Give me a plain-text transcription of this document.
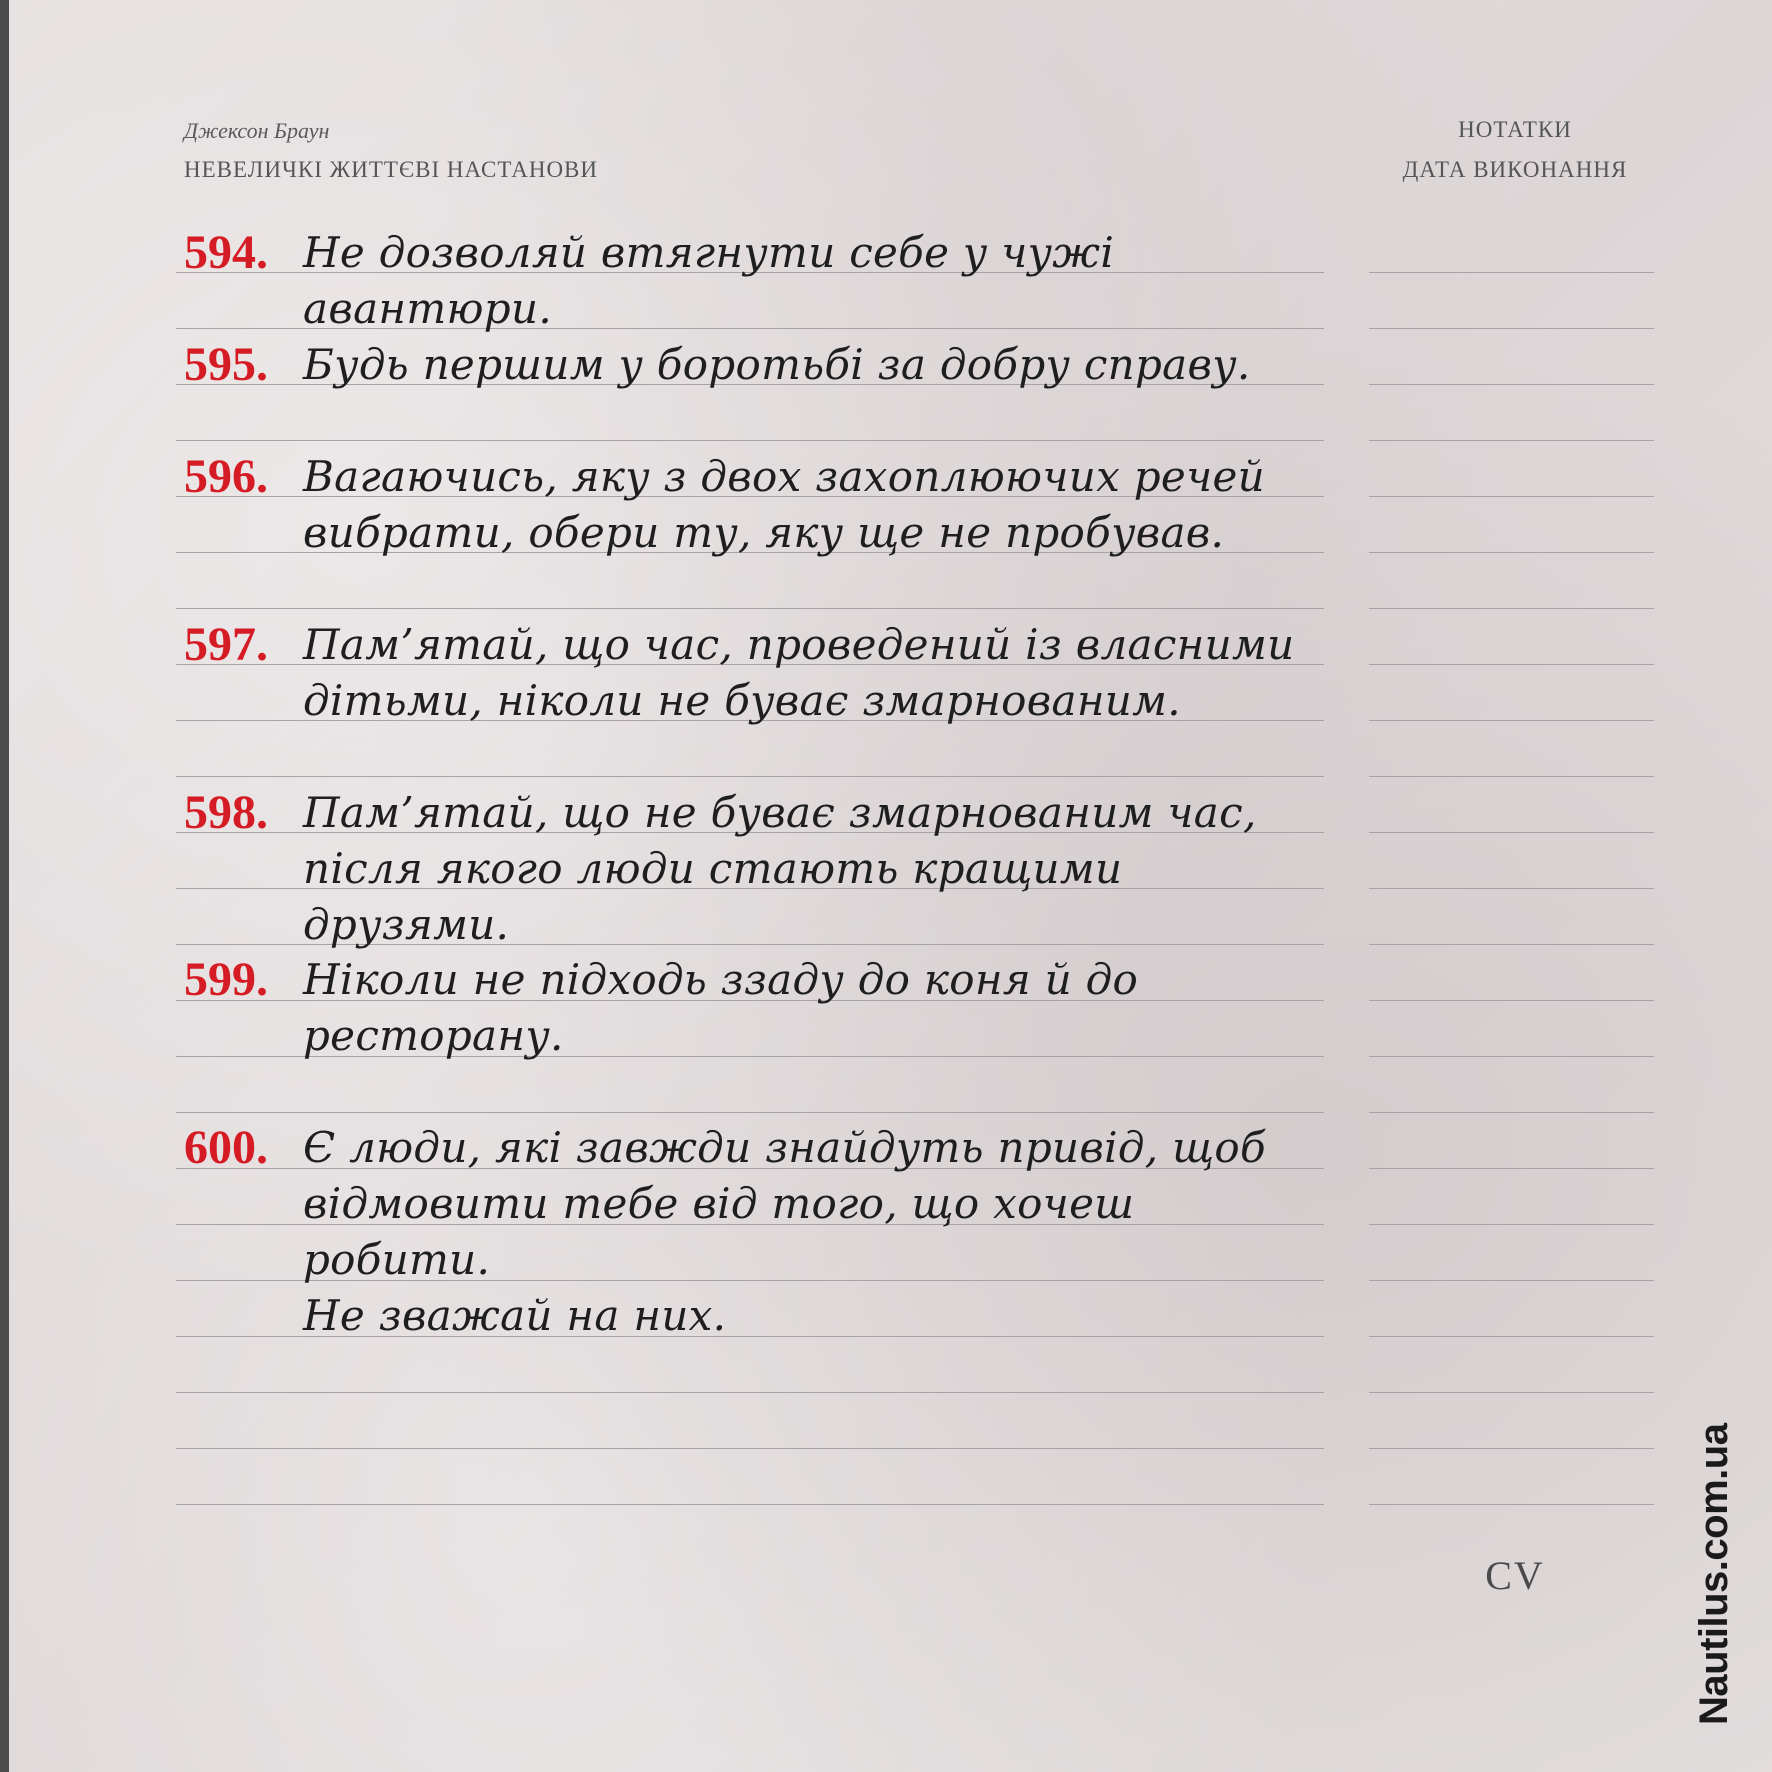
Джексон Браун
НЕВЕЛИЧКІ ЖИТТЄВІ НАСТАНОВИ
НОТАТКИ
ДАТА ВИКОНАННЯ
594. Не дозволяй втягнути себе у чужі авантюри.
595. Будь першим у боротьбі за добру справу.
596. Вагаючись, яку з двох захоплюючих речей
вибрати, обери ту, яку ще не пробував.
597. Пам’ятай, що час, проведений із власними
дітьми, ніколи не буває змарнованим.
598. Пам’ятай, що не буває змарнованим час,
після якого люди стають кращими друзями.
599. Ніколи не підходь ззаду до коня й до
ресторану.
600. Є люди, які завжди знайдуть привід, щоб
відмовити тебе від того, що хочеш робити.
Не зважай на них.
CV	Nautilus.com.ua
